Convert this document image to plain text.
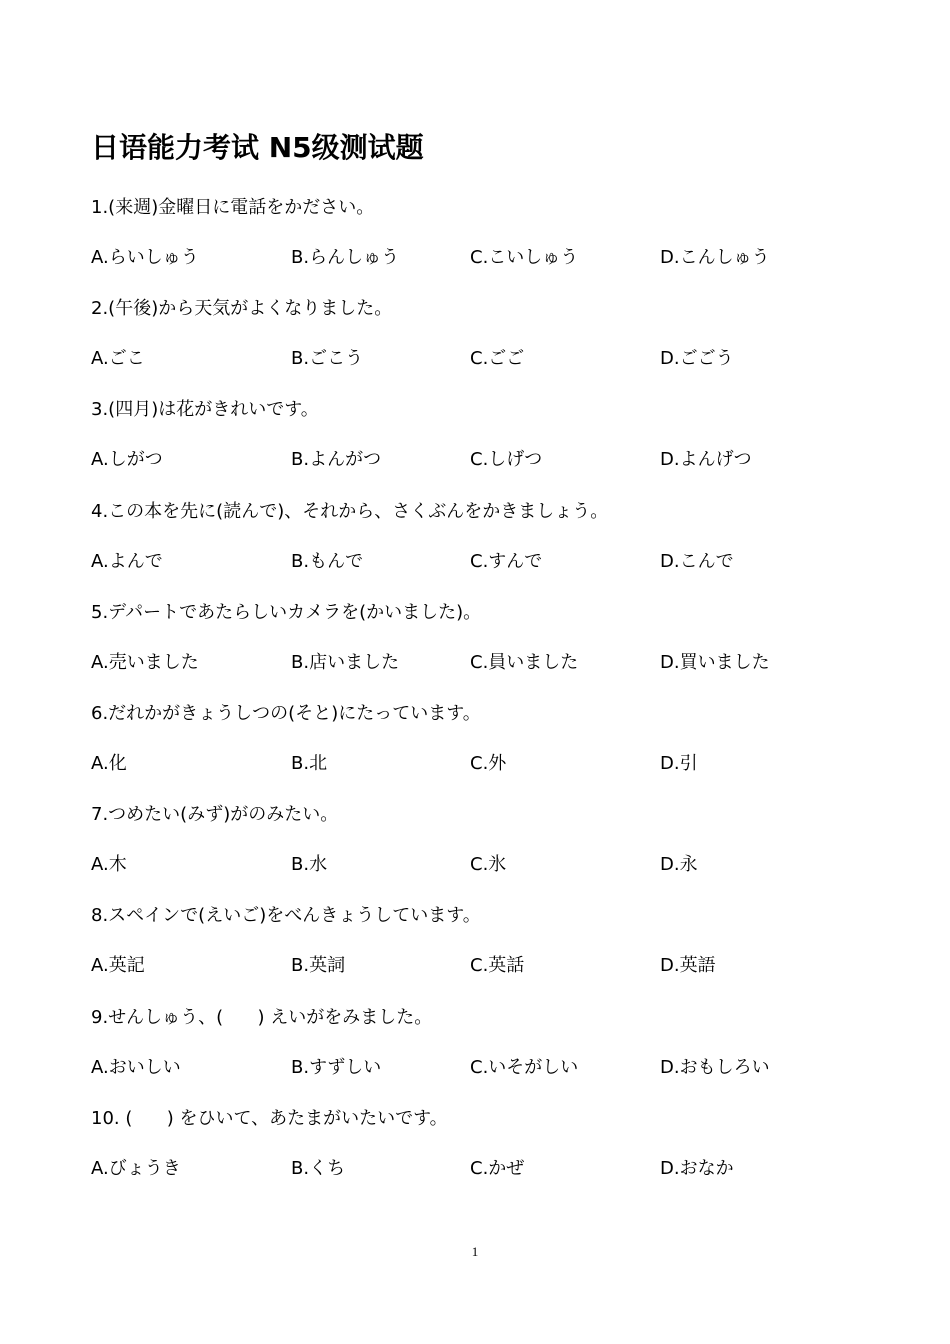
日语能力考试 N5级测试题
1.(来週)金曜日に電話をかださい。
A.らいしゅう	B.らんしゅう	C.こいしゅう	D.こんしゅう
2.(午後)から天気がよくなりました。
A.ごこ	B.ごこう	C.ごご	D.ごごう
3.(四月)は花がきれいです。
A.しがつ	B.よんがつ	C.しげつ	D.よんげつ
4.この本を先に(読んで)、それから、さくぶんをかきましょう。
A.よんで	B.もんで	C.すんで	D.こんで
5.デパートであたらしいカメラを(かいました)。
A.売いました	B.店いました	C.員いました	D.買いました
6.だれかがきょうしつの(そと)にたっています。
A.化	B.北	C.外	D.引
7.つめたい(みず)がのみたい。
A.木	B.水	C.氷	D.永
8.スペインで(えいご)をべんきょうしています。
A.英記	B.英詞	C.英話	D.英語
9.せんしゅう、(      ) えいがをみました。
A.おいしい	B.すずしい	C.いそがしい	D.おもしろい
10. (      ) をひいて、あたまがいたいです。
A.びょうき	B.くち	C.かぜ	D.おなか
1
